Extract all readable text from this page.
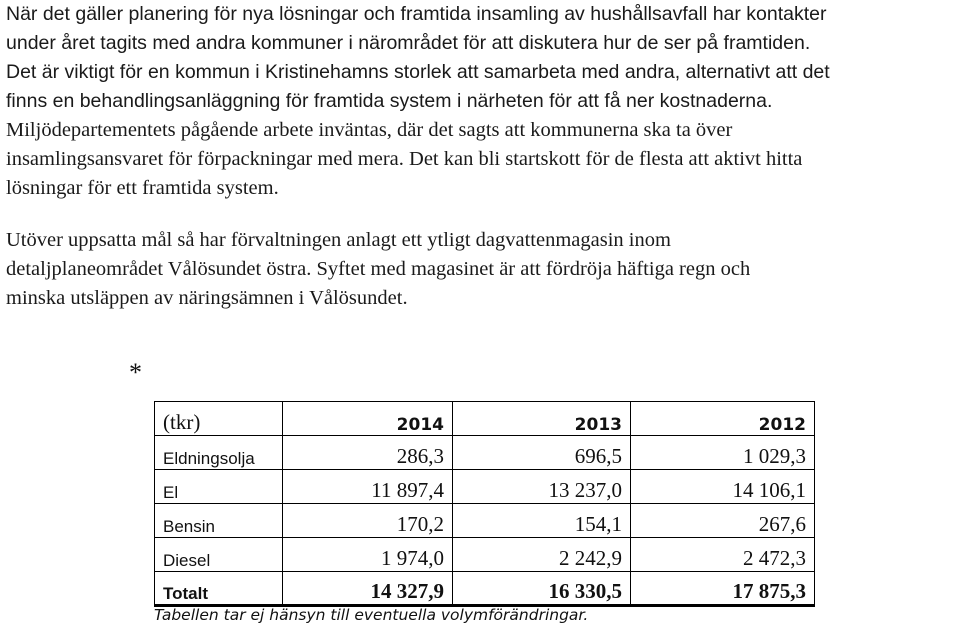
När det gäller planering för nya lösningar och framtida insamling av hushållsavfall har kontakter
under året tagits med andra kommuner i närområdet för att diskutera hur de ser på framtiden.
Det är viktigt för en kommun i Kristinehamns storlek att samarbeta med andra, alternativt att det
finns en behandlingsanläggning för framtida system i närheten för att få ner kostnaderna.
Miljödepartementets pågående arbete inväntas, där det sagts att kommunerna ska ta över
insamlingsansvaret för förpackningar med mera. Det kan bli startskott för de flesta att aktivt hitta
lösningar för ett framtida system.
Utöver uppsatta mål så har förvaltningen anlagt ett ytligt dagvattenmagasin inom
detaljplaneområdet Vålösundet östra. Syftet med magasinet är att fördröja häftiga regn och
minska utsläppen av näringsämnen i Vålösundet.
*
(tkr)	2014	2013	2012
Eldningsolja	286,3	696,5	1 029,3
El	11 897,4	13 237,0	14 106,1
Bensin	170,2	154,1	267,6
Diesel	1 974,0	2 242,9	2 472,3
Totalt	14 327,9	16 330,5	17 875,3
Tabellen tar ej hänsyn till eventuella volymförändringar.
